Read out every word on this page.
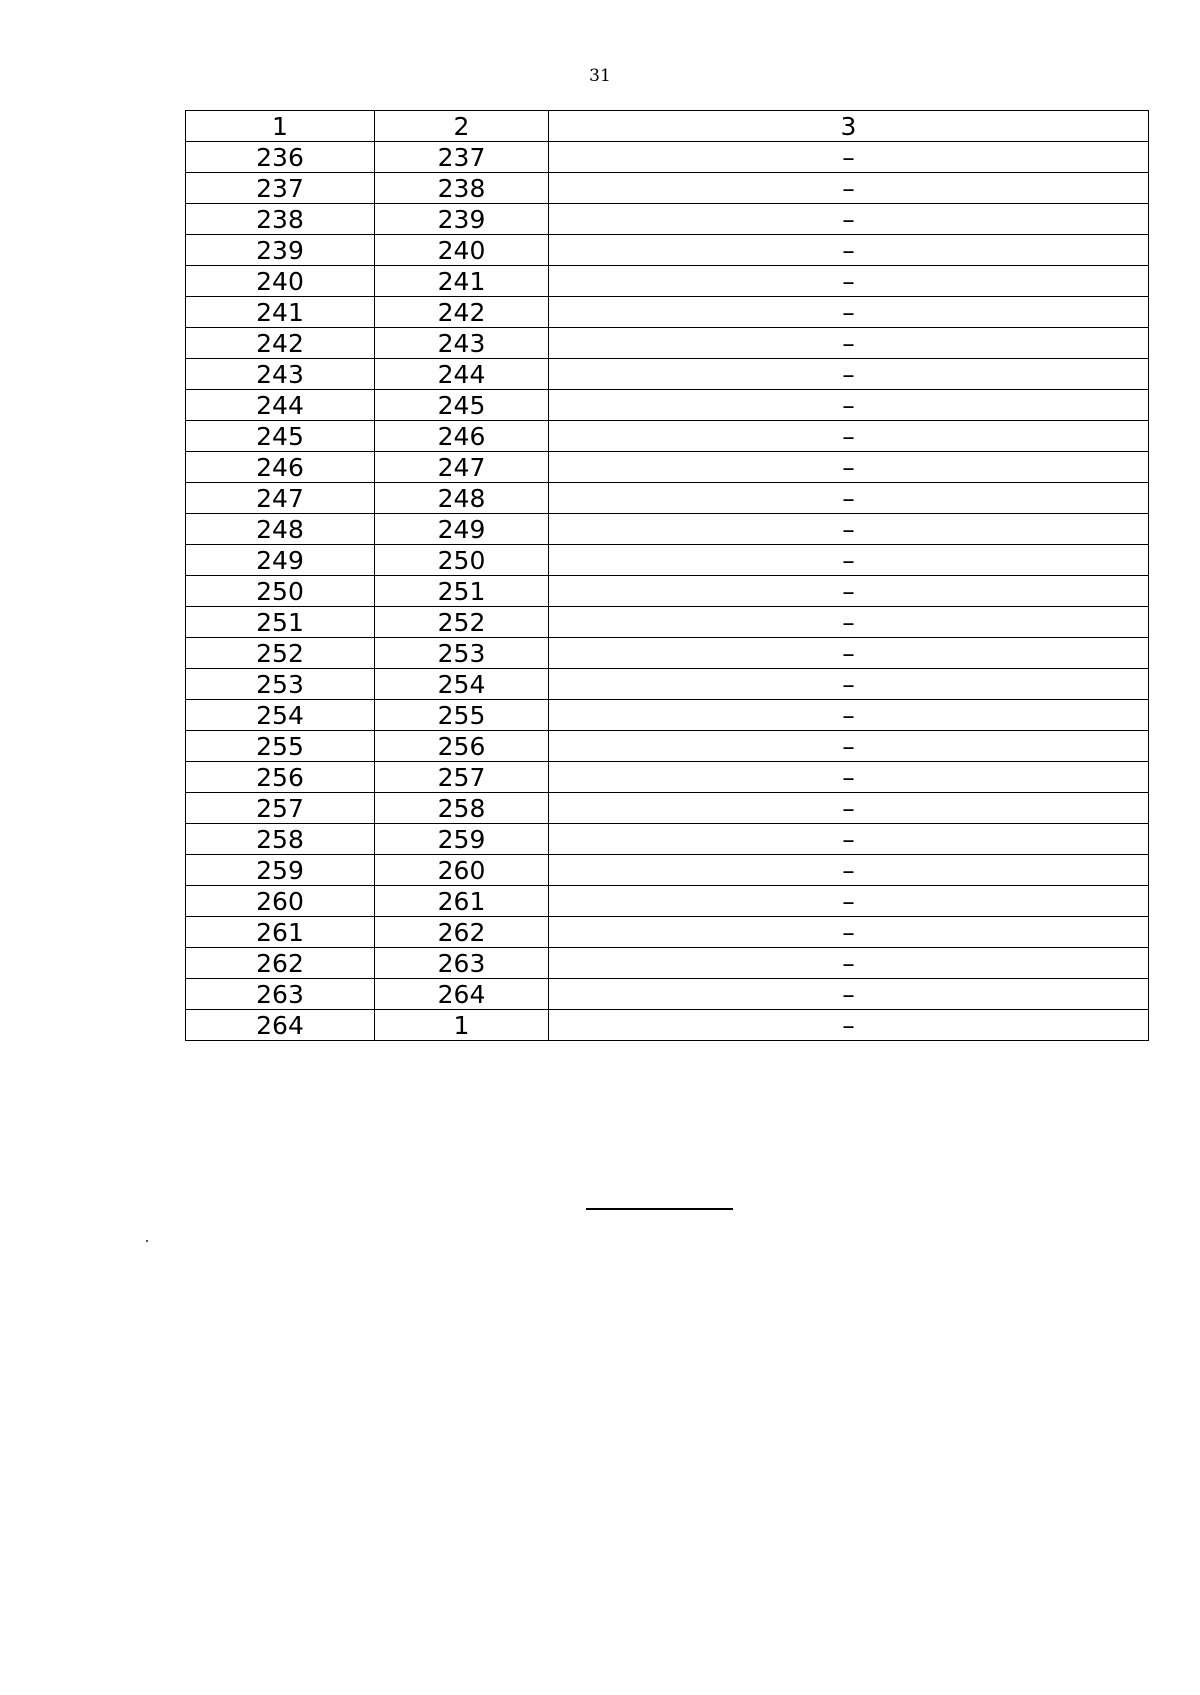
31
1	2	3
236	237	–
237	238	–
238	239	–
239	240	–
240	241	–
241	242	–
242	243	–
243	244	–
244	245	–
245	246	–
246	247	–
247	248	–
248	249	–
249	250	–
250	251	–
251	252	–
252	253	–
253	254	–
254	255	–
255	256	–
256	257	–
257	258	–
258	259	–
259	260	–
260	261	–
261	262	–
262	263	–
263	264	–
264	1	–
